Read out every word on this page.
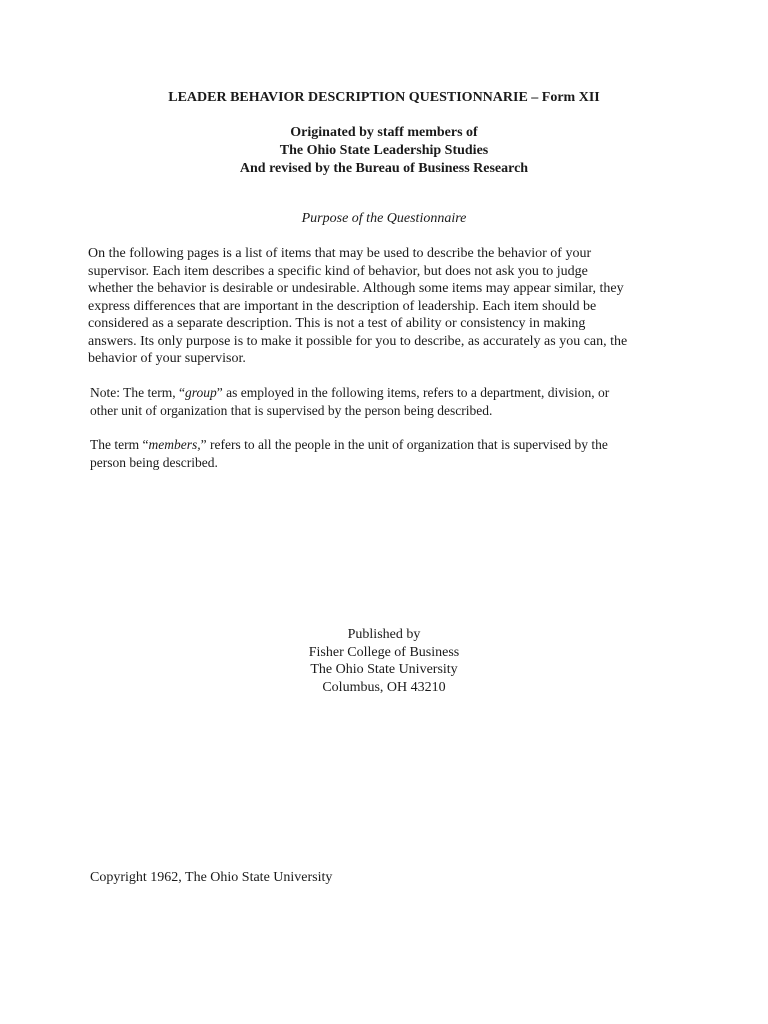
LEADER BEHAVIOR DESCRIPTION QUESTIONNARIE – Form XII
Originated by staff members of
The Ohio State Leadership Studies
And revised by the Bureau of Business Research
Purpose of the Questionnaire
On the following pages is a list of items that may be used to describe the behavior of your
supervisor. Each item describes a specific kind of behavior, but does not ask you to judge
whether the behavior is desirable or undesirable. Although some items may appear similar, they
express differences that are important in the description of leadership. Each item should be
considered as a separate description. This is not a test of ability or consistency in making
answers. Its only purpose is to make it possible for you to describe, as accurately as you can, the
behavior of your supervisor.
Note: The term, “group” as employed in the following items, refers to a department, division, or
other unit of organization that is supervised by the person being described.
The term “members,” refers to all the people in the unit of organization that is supervised by the
person being described.
Published by
Fisher College of Business
The Ohio State University
Columbus, OH 43210
Copyright 1962, The Ohio State University
